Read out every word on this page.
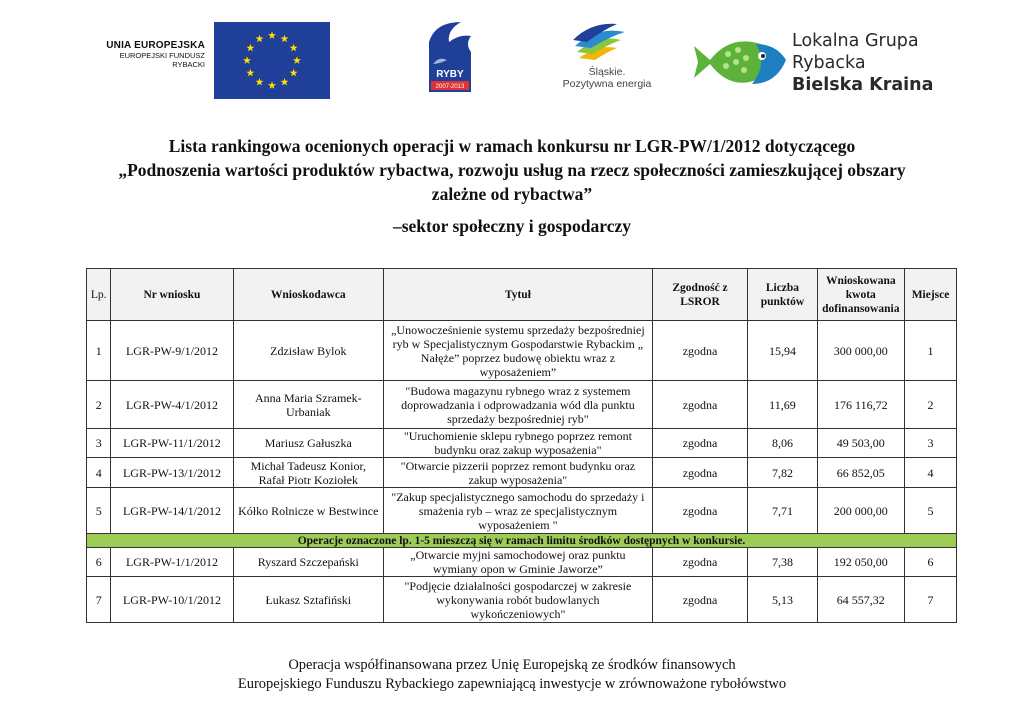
UNIA EUROPEJSKA
EUROPEJSKI FUNDUSZ
RYBACKI
RYBY
2007-2013
Śląskie.
Pozytywna energia
Lokalna Grupa
Rybacka
Bielska Kraina
Lista rankingowa ocenionych operacji w ramach konkursu nr LGR-PW/1/2012 dotyczącego
„Podnoszenia wartości produktów rybactwa, rozwoju usług na rzecz społeczności zamieszkującej obszary
zależne od rybactwa”
–sektor społeczny i gospodarczy
Lp.	Nr wniosku	Wnioskodawca	Tytuł	Zgodność z
LSROR	Liczba
punktów	Wnioskowana
kwota
dofinansowania	Miejsce
1	LGR-PW-9/1/2012	Zdzisław Bylok	„Unowocześnienie systemu sprzedaży bezpośredniej
ryb w Specjalistycznym Gospodarstwie Rybackim „
Nałęże” poprzez budowę obiektu wraz z
wyposażeniem”	zgodna	15,94	300 000,00	1
2	LGR-PW-4/1/2012	Anna Maria Szramek-
Urbaniak	"Budowa magazynu rybnego wraz z systemem
doprowadzania i odprowadzania wód dla punktu
sprzedaży bezpośredniej ryb"	zgodna	11,69	176 116,72	2
3	LGR-PW-11/1/2012	Mariusz Gałuszka	"Uruchomienie sklepu rybnego poprzez remont
budynku oraz zakup wyposażenia"	zgodna	8,06	49 503,00	3
4	LGR-PW-13/1/2012	Michał Tadeusz Konior,
Rafał Piotr Koziołek	"Otwarcie pizzerii poprzez remont budynku oraz
zakup wyposażenia"	zgodna	7,82	66 852,05	4
5	LGR-PW-14/1/2012	Kółko Rolnicze w Bestwince	"Zakup specjalistycznego samochodu do sprzedaży i
smażenia ryb – wraz ze specjalistycznym
wyposażeniem "	zgodna	7,71	200 000,00	5
Operacje oznaczone lp. 1-5 mieszczą się w ramach limitu środków dostępnych w konkursie.							
6	LGR-PW-1/1/2012	Ryszard Szczepański	„Otwarcie myjni samochodowej oraz punktu
wymiany opon w Gminie Jaworze”	zgodna	7,38	192 050,00	6
7	LGR-PW-10/1/2012	Łukasz Sztafiński	"Podjęcie działalności gospodarczej w zakresie
wykonywania robót budowlanych
wykończeniowych"	zgodna	5,13	64 557,32	7
Operacja współfinansowana przez Unię Europejską ze środków finansowych
Europejskiego Funduszu Rybackiego zapewniającą inwestycje w zrównoważone rybołówstwo
